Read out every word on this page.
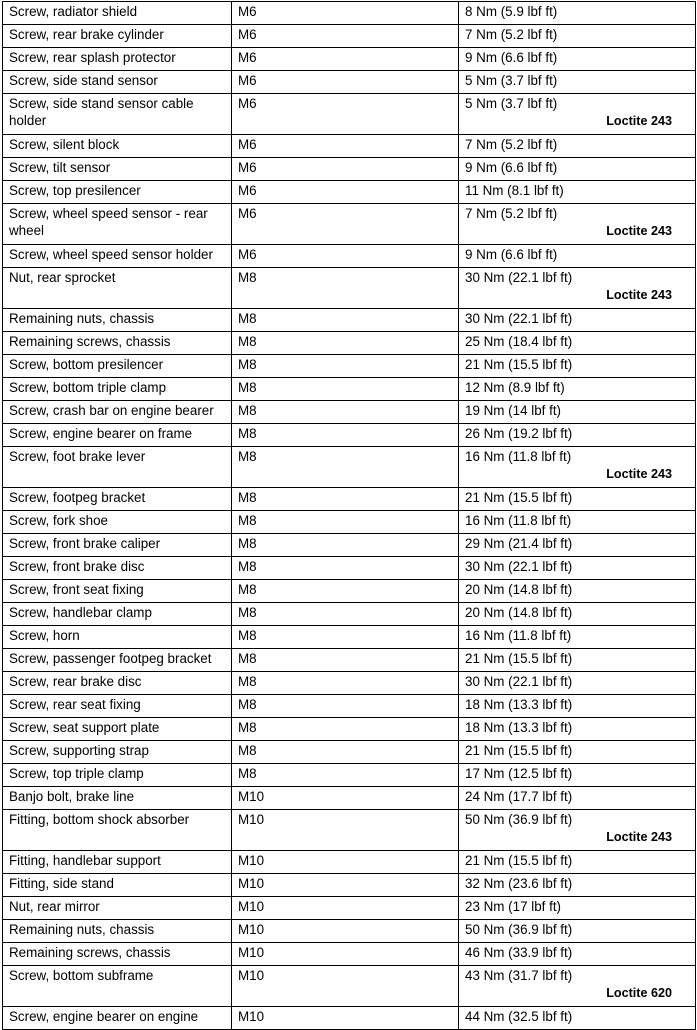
Screw, radiator shield	M6	8 Nm (5.9 lbf ft)
Screw, rear brake cylinder	M6	7 Nm (5.2 lbf ft)
Screw, rear splash protector	M6	9 Nm (6.6 lbf ft)
Screw, side stand sensor	M6	5 Nm (3.7 lbf ft)
Screw, side stand sensor cable holder	M6	5 Nm (3.7 lbf ft)
Loctite 243

Screw, silent block	M6	7 Nm (5.2 lbf ft)
Screw, tilt sensor	M6	9 Nm (6.6 lbf ft)
Screw, top presilencer	M6	11 Nm (8.1 lbf ft)
Screw, wheel speed sensor - rear wheel	M6	7 Nm (5.2 lbf ft)
Loctite 243

Screw, wheel speed sensor holder	M6	9 Nm (6.6 lbf ft)
Nut, rear sprocket	M8	30 Nm (22.1 lbf ft)
Loctite 243

Remaining nuts, chassis	M8	30 Nm (22.1 lbf ft)
Remaining screws, chassis	M8	25 Nm (18.4 lbf ft)
Screw, bottom presilencer	M8	21 Nm (15.5 lbf ft)
Screw, bottom triple clamp	M8	12 Nm (8.9 lbf ft)
Screw, crash bar on engine bearer	M8	19 Nm (14 lbf ft)
Screw, engine bearer on frame	M8	26 Nm (19.2 lbf ft)
Screw, foot brake lever	M8	16 Nm (11.8 lbf ft)
Loctite 243

Screw, footpeg bracket	M8	21 Nm (15.5 lbf ft)
Screw, fork shoe	M8	16 Nm (11.8 lbf ft)
Screw, front brake caliper	M8	29 Nm (21.4 lbf ft)
Screw, front brake disc	M8	30 Nm (22.1 lbf ft)
Screw, front seat fixing	M8	20 Nm (14.8 lbf ft)
Screw, handlebar clamp	M8	20 Nm (14.8 lbf ft)
Screw, horn	M8	16 Nm (11.8 lbf ft)
Screw, passenger footpeg bracket	M8	21 Nm (15.5 lbf ft)
Screw, rear brake disc	M8	30 Nm (22.1 lbf ft)
Screw, rear seat fixing	M8	18 Nm (13.3 lbf ft)
Screw, seat support plate	M8	18 Nm (13.3 lbf ft)
Screw, supporting strap	M8	21 Nm (15.5 lbf ft)
Screw, top triple clamp	M8	17 Nm (12.5 lbf ft)
Banjo bolt, brake line	M10	24 Nm (17.7 lbf ft)
Fitting, bottom shock absorber	M10	50 Nm (36.9 lbf ft)
Loctite 243

Fitting, handlebar support	M10	21 Nm (15.5 lbf ft)
Fitting, side stand	M10	32 Nm (23.6 lbf ft)
Nut, rear mirror	M10	23 Nm (17 lbf ft)
Remaining nuts, chassis	M10	50 Nm (36.9 lbf ft)
Remaining screws, chassis	M10	46 Nm (33.9 lbf ft)
Screw, bottom subframe	M10	43 Nm (31.7 lbf ft)
Loctite 620

Screw, engine bearer on engine	M10	44 Nm (32.5 lbf ft)
